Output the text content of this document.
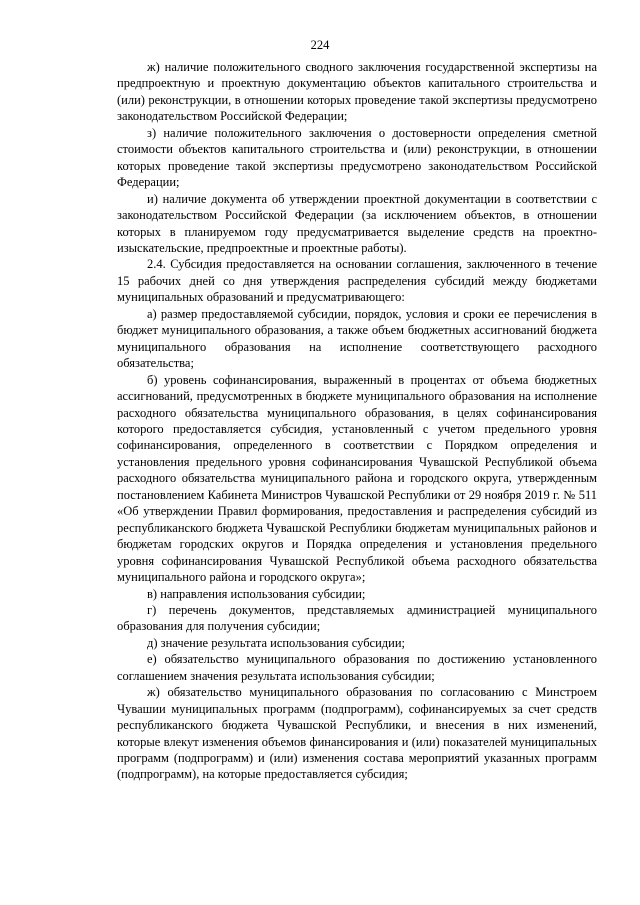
224

ж) наличие положительного сводного заключения государственной экспертизы на предпроектную и проектную документацию объектов капитального строительства и (или) реконструкции, в отношении которых проведение такой экспертизы предусмотрено законодательством Российской Федерации;

з) наличие положительного заключения о достоверности определения сметной стоимости объектов капитального строительства и (или) реконструкции, в отношении которых проведение такой экспертизы предусмотрено законодательством Российской Федерации;

и) наличие документа об утверждении проектной документации в соответствии с законодательством Российской Федерации (за исключением объектов, в отношении которых в планируемом году предусматривается выделение средств на проектно-изыскательские, предпроектные и проектные работы).

2.4. Субсидия предоставляется на основании соглашения, заключенного в течение 15 рабочих дней со дня утверждения распределения субсидий между бюджетами муниципальных образований и предусматривающего:

а) размер предоставляемой субсидии, порядок, условия и сроки ее перечисления в бюджет муниципального образования, а также объем бюджетных ассигнований бюджета муниципального образования на исполнение соответствующего расходного обязательства;

б) уровень софинансирования, выраженный в процентах от объема бюджетных ассигнований, предусмотренных в бюджете муниципального образования на исполнение расходного обязательства муниципального образования, в целях софинансирования которого предоставляется субсидия, установленный с учетом предельного уровня софинансирования, определенного в соответствии с Порядком определения и установления предельного уровня софинансирования Чувашской Республикой объема расходного обязательства муниципального района и городского округа, утвержденным постановлением Кабинета Министров Чувашской Республики от 29 ноября 2019 г. № 511 «Об утверждении Правил формирования, предоставления и распределения субсидий из республиканского бюджета Чувашской Республики бюджетам муниципальных районов и бюджетам городских округов и Порядка определения и установления предельного уровня софинансирования Чувашской Республикой объема расходного обязательства муниципального района и городского округа»;

в) направления использования субсидии;

г) перечень документов, представляемых администрацией муниципального образования для получения субсидии;

д) значение результата использования субсидии;

е) обязательство муниципального образования по достижению установленного соглашением значения результата использования субсидии;

ж) обязательство муниципального образования по согласованию с Минстроем Чувашии муниципальных программ (подпрограмм), софинансируемых за счет средств республиканского бюджета Чувашской Республики, и внесения в них изменений, которые влекут изменения объемов финансирования и (или) показателей муниципальных программ (подпрограмм) и (или) изменения состава мероприятий указанных программ (подпрограмм), на которые предоставляется субсидия;
